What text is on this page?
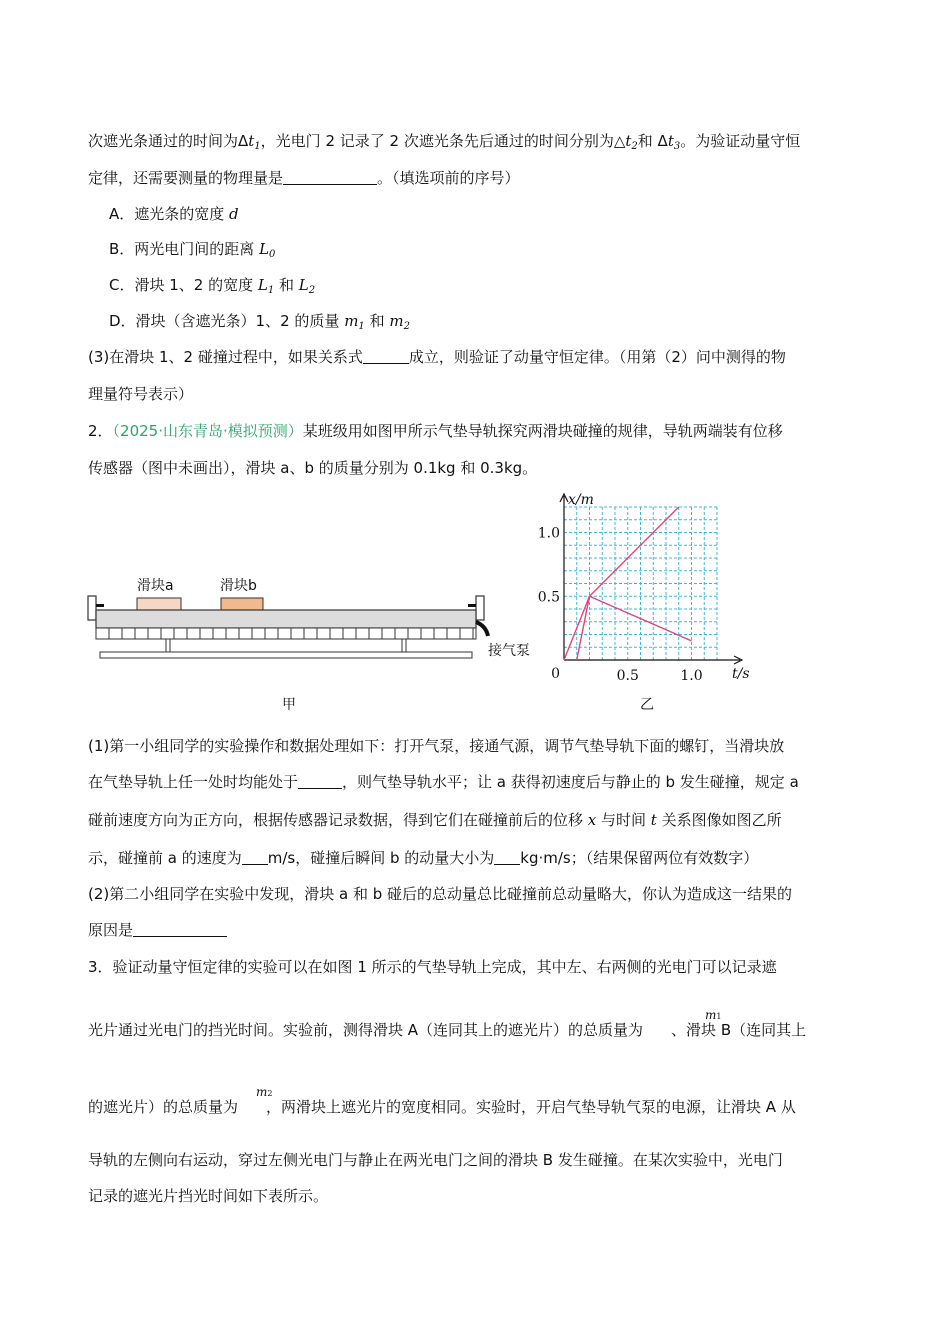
次遮光条通过的时间为$\Delta t_1$，光电门 2 记录了 2 次遮光条先后通过的时间分别为$\triangle t_2$和 $\Delta t_3$。为验证动量守恒
定律，还需要测量的物理量是	。（填选项前的序号）
A．遮光条的宽度 d
B．两光电门间的距离 $L_0$
C．滑块 1、2 的宽度 $L_1$ 和 $L_2$
D．滑块（含遮光条）1、2 的质量 $m_1$ 和 $m_2$
(3)在滑块 1、2 碰撞过程中，如果关系式	成立，则验证了动量守恒定律。（用第（2）问中测得的物
理量符号表示）
2．（2025·山东青岛·模拟预测）某班级用如图甲所示气垫导轨探究两滑块碰撞的规律，导轨两端装有位移
传感器（图中未画出），滑块 a、b 的质量分别为 0.1kg 和 0.3kg。
滑块a	滑块b
接气泵
甲
0.5	1.0
0.5
1.0
0
x/m
t/s
乙
(1)第一小组同学的实验操作和数据处理如下：打开气泵，接通气源，调节气垫导轨下面的螺钉，当滑块放
在气垫导轨上任一处时均能处于	，则气垫导轨水平；让 a 获得初速度后与静止的 b 发生碰撞，规定 a
碰前速度方向为正方向，根据传感器记录数据，得到它们在碰撞前后的位移 x 与时间 t 关系图像如图乙所
示，碰撞前 a 的速度为 m/s，碰撞后瞬间 b 的动量大小为 kg·m/s；（结果保留两位有效数字）
(2)第二小组同学在实验中发现，滑块 a 和 b 碰后的总动量总比碰撞前总动量略大，你认为造成这一结果的
原因是
3．验证动量守恒定律的实验可以在如图 1 所示的气垫导轨上完成，其中左、右两侧的光电门可以记录遮
m1
光片通过光电门的挡光时间。实验前，测得滑块 A（连同其上的遮光片）的总质量为 、滑块 B（连同其上
m2
的遮光片）的总质量为 ，两滑块上遮光片的宽度相同。实验时，开启气垫导轨气泵的电源，让滑块 A 从
导轨的左侧向右运动，穿过左侧光电门与静止在两光电门之间的滑块 B 发生碰撞。在某次实验中，光电门
记录的遮光片挡光时间如下表所示。
